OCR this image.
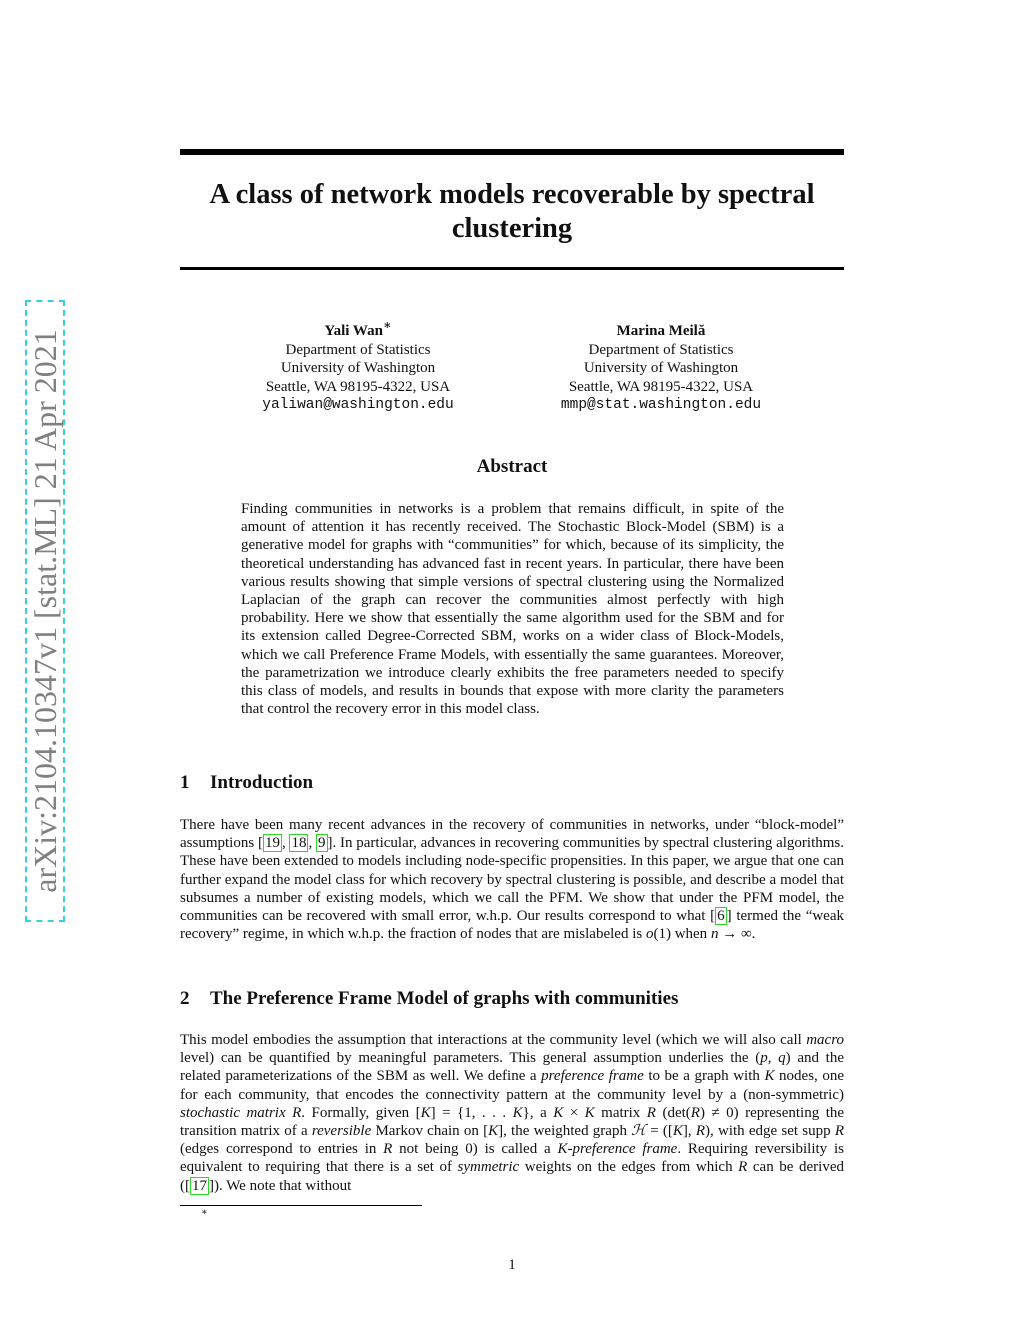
arXiv:2104.10347v1 [stat.ML] 21 Apr 2021
A class of network models recoverable by spectral clustering
Yali Wan∗
Department of Statistics
University of Washington
Seattle, WA 98195-4322, USA
yaliwan@washington.edu
Marina Meilă
Department of Statistics
University of Washington
Seattle, WA 98195-4322, USA
mmp@stat.washington.edu
Abstract

Finding communities in networks is a problem that remains difficult, in spite of the amount of attention it has recently received. The Stochastic Block-Model (SBM) is a generative model for graphs with “communities” for which, because of its simplicity, the theoretical understanding has advanced fast in recent years. In particular, there have been various results showing that simple versions of spectral clustering using the Normalized Laplacian of the graph can recover the communities almost perfectly with high probability. Here we show that essentially the same algorithm used for the SBM and for its extension called Degree-Corrected SBM, works on a wider class of Block-Models, which we call Preference Frame Models, with essentially the same guarantees. Moreover, the parametrization we introduce clearly exhibits the free parameters needed to specify this class of models, and results in bounds that expose with more clarity the parameters that control the recovery error in this model class.

1 Introduction

There have been many recent advances in the recovery of communities in networks, under “block-model” assumptions [ 19 , 18 , 9 ]. In particular, advances in recovering communities by spectral clustering algorithms. These have been extended to models including node-specific propensities. In this paper, we argue that one can further expand the model class for which recovery by spectral clustering is possible, and describe a model that subsumes a number of existing models, which we call the PFM. We show that under the PFM model, the communities can be recovered with small error, w.h.p. Our results correspond to what [ 6 ] termed the “weak recovery” regime, in which w.h.p. the fraction of nodes that are mislabeled is o(1) when n → ∞.

2 The Preference Frame Model of graphs with communities

This model embodies the assumption that interactions at the community level (which we will also call macro level) can be quantified by meaningful parameters. This general assumption underlies the (p, q) and the related parameterizations of the SBM as well. We define a preference frame to be a graph with K nodes, one for each community, that encodes the connectivity pattern at the community level by a (non-symmetric) stochastic matrix R. Formally, given [K] = {1, . . . K}, a K × K matrix R (det(R) ≠ 0) representing the transition matrix of a reversible Markov chain on [K], the weighted graph ℋ = ([K], R), with edge set supp R (edges correspond to entries in R not being 0) is called a K-preference frame. Requiring reversibility is equivalent to requiring that there is a set of symmetric weights on the edges from which R can be derived ([ 17 ]). We note that without

∗
1
